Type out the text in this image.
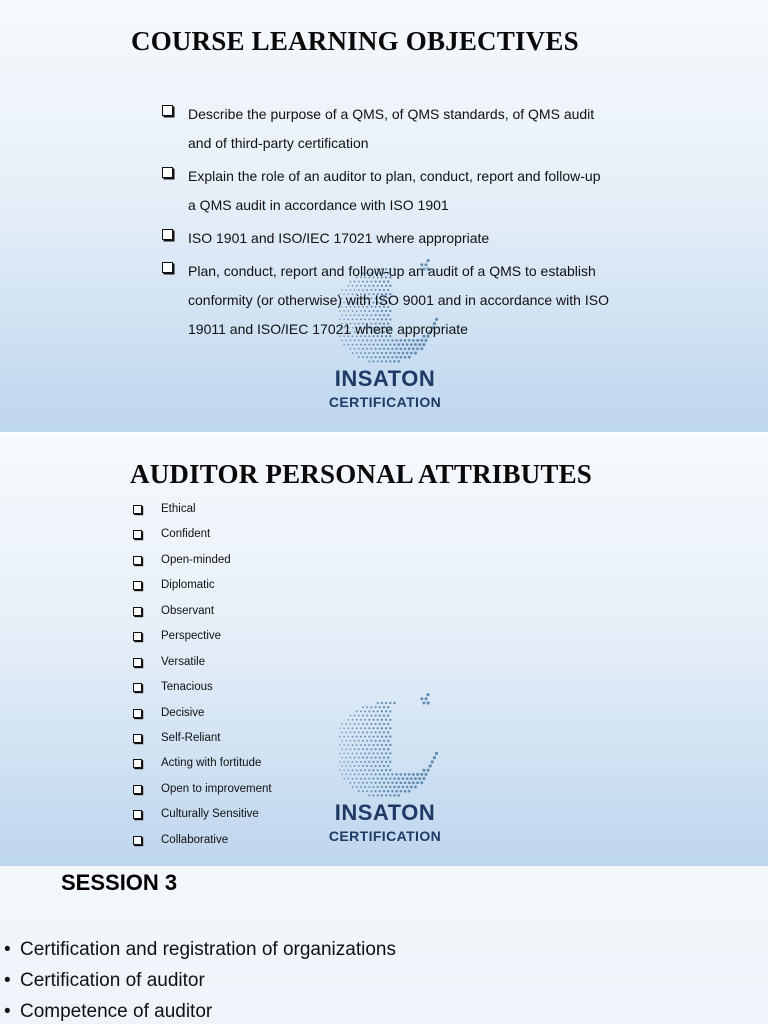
INSATON
CERTIFICATION
COURSE LEARNING OBJECTIVES
Describe the purpose of a QMS, of QMS standards, of QMS audit
and of third-party certification
Explain the role of an auditor to plan, conduct, report and follow-up
a QMS audit in accordance with ISO 1901
ISO 1901 and ISO/IEC 17021 where appropriate
Plan, conduct, report and follow-up an audit of a QMS to establish
conformity (or otherwise) with ISO 9001 and in accordance with ISO
19011 and ISO/IEC 17021 where appropriate
INSATON
CERTIFICATION
AUDITOR PERSONAL ATTRIBUTES
Ethical
Confident
Open-minded
Diplomatic
Observant
Perspective
Versatile
Tenacious
Decisive
Self-Reliant
Acting with fortitude
Open to improvement
Culturally Sensitive
Collaborative
SESSION 3
• Certification and registration of organizations
• Certification of auditor
• Competence of auditor
